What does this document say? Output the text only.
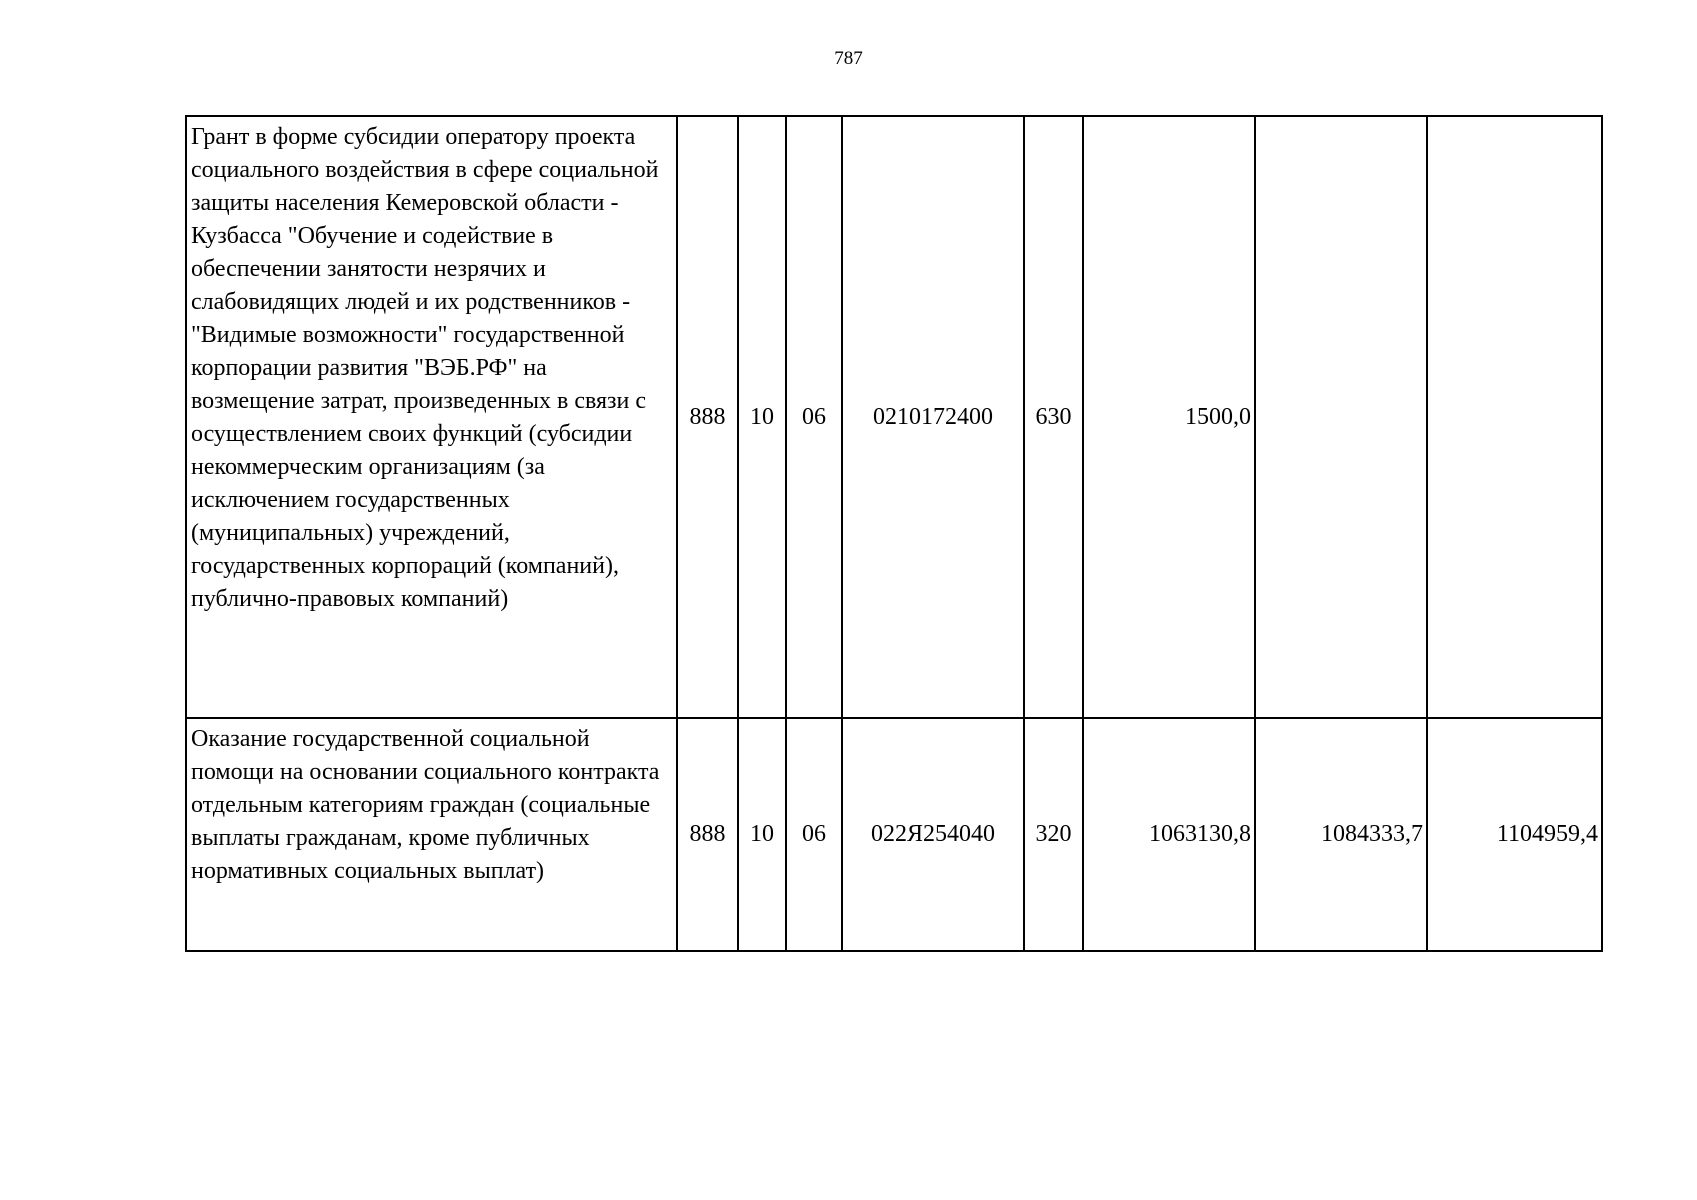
787
Грант в форме субсидии оператору проекта социального воздействия в сфере социальной защиты населения Кемеровской области - Кузбасса "Обучение и содействие в обеспечении занятости незрячих и слабовидящих людей и их родственников - "Видимые возможности" государственной корпорации развития "ВЭБ.РФ" на возмещение затрат, произведенных в связи с осуществлением своих функций (субсидии некоммерческим организациям (за исключением государственных (муниципальных) учреждений, государственных корпораций (компаний), публично-правовых компаний)	888	10	06	0210172400	630	1500,0		
Оказание государственной социальной помощи на основании социального контракта отдельным категориям граждан (социальные выплаты гражданам, кроме публичных нормативных социальных выплат)	888	10	06	022Я254040	320	1063130,8	1084333,7	1104959,4
